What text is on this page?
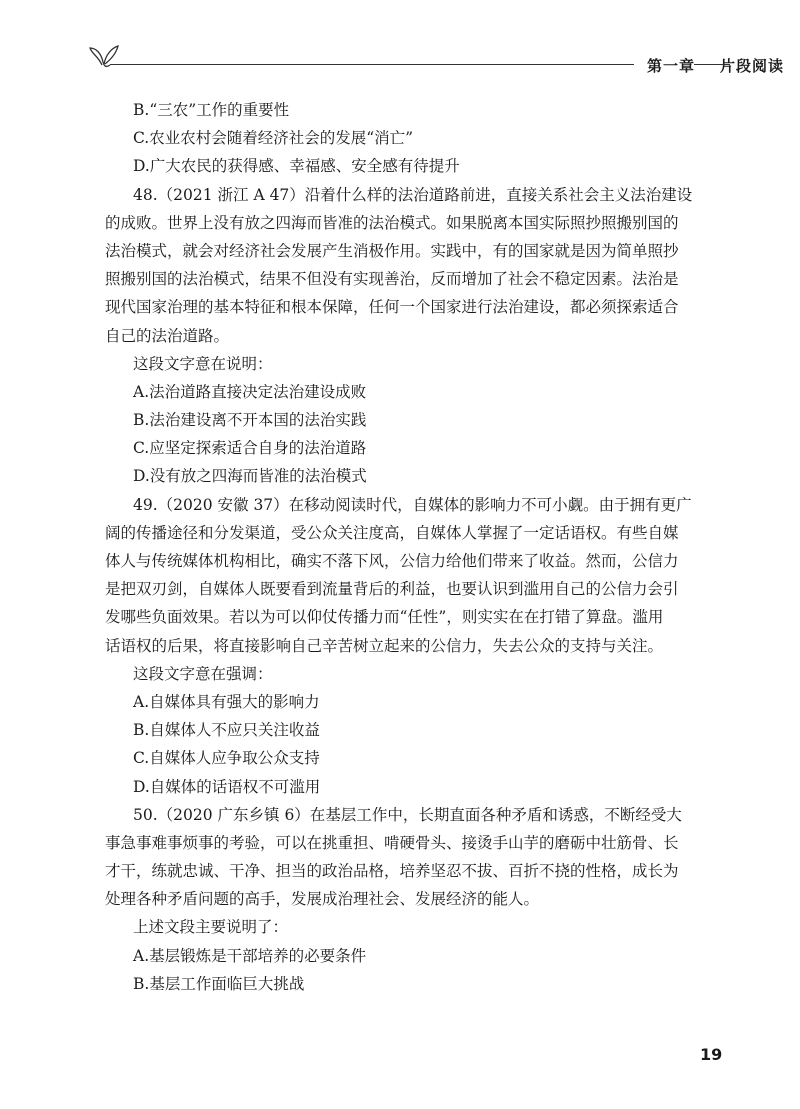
第一章 片段阅读
B.“三农”工作的重要性
C.农业农村会随着经济社会的发展“消亡”
D.广大农民的获得感、幸福感、安全感有待提升
48.（2021 浙江 A 47）沿着什么样的法治道路前进，直接关系社会主义法治建设
的成败。世界上没有放之四海而皆准的法治模式。如果脱离本国实际照抄照搬别国的
法治模式，就会对经济社会发展产生消极作用。实践中，有的国家就是因为简单照抄
照搬别国的法治模式，结果不但没有实现善治，反而增加了社会不稳定因素。法治是
现代国家治理的基本特征和根本保障，任何一个国家进行法治建设，都必须探索适合
自己的法治道路。
这段文字意在说明：
A.法治道路直接决定法治建设成败
B.法治建设离不开本国的法治实践
C.应坚定探索适合自身的法治道路
D.没有放之四海而皆准的法治模式
49.（2020 安徽 37）在移动阅读时代，自媒体的影响力不可小觑。由于拥有更广
阔的传播途径和分发渠道，受公众关注度高，自媒体人掌握了一定话语权。有些自媒
体人与传统媒体机构相比，确实不落下风，公信力给他们带来了收益。然而，公信力
是把双刃剑，自媒体人既要看到流量背后的利益，也要认识到滥用自己的公信力会引
发哪些负面效果。若以为可以仰仗传播力而“任性”，则实实在在打错了算盘。滥用
话语权的后果，将直接影响自己辛苦树立起来的公信力，失去公众的支持与关注。
这段文字意在强调：
A.自媒体具有强大的影响力
B.自媒体人不应只关注收益
C.自媒体人应争取公众支持
D.自媒体的话语权不可滥用
50.（2020 广东乡镇 6）在基层工作中，长期直面各种矛盾和诱惑，不断经受大
事急事难事烦事的考验，可以在挑重担、啃硬骨头、接烫手山芋的磨砺中壮筋骨、长
才干，练就忠诚、干净、担当的政治品格，培养坚忍不拔、百折不挠的性格，成长为
处理各种矛盾问题的高手，发展成治理社会、发展经济的能人。
上述文段主要说明了：
A.基层锻炼是干部培养的必要条件
B.基层工作面临巨大挑战
19
